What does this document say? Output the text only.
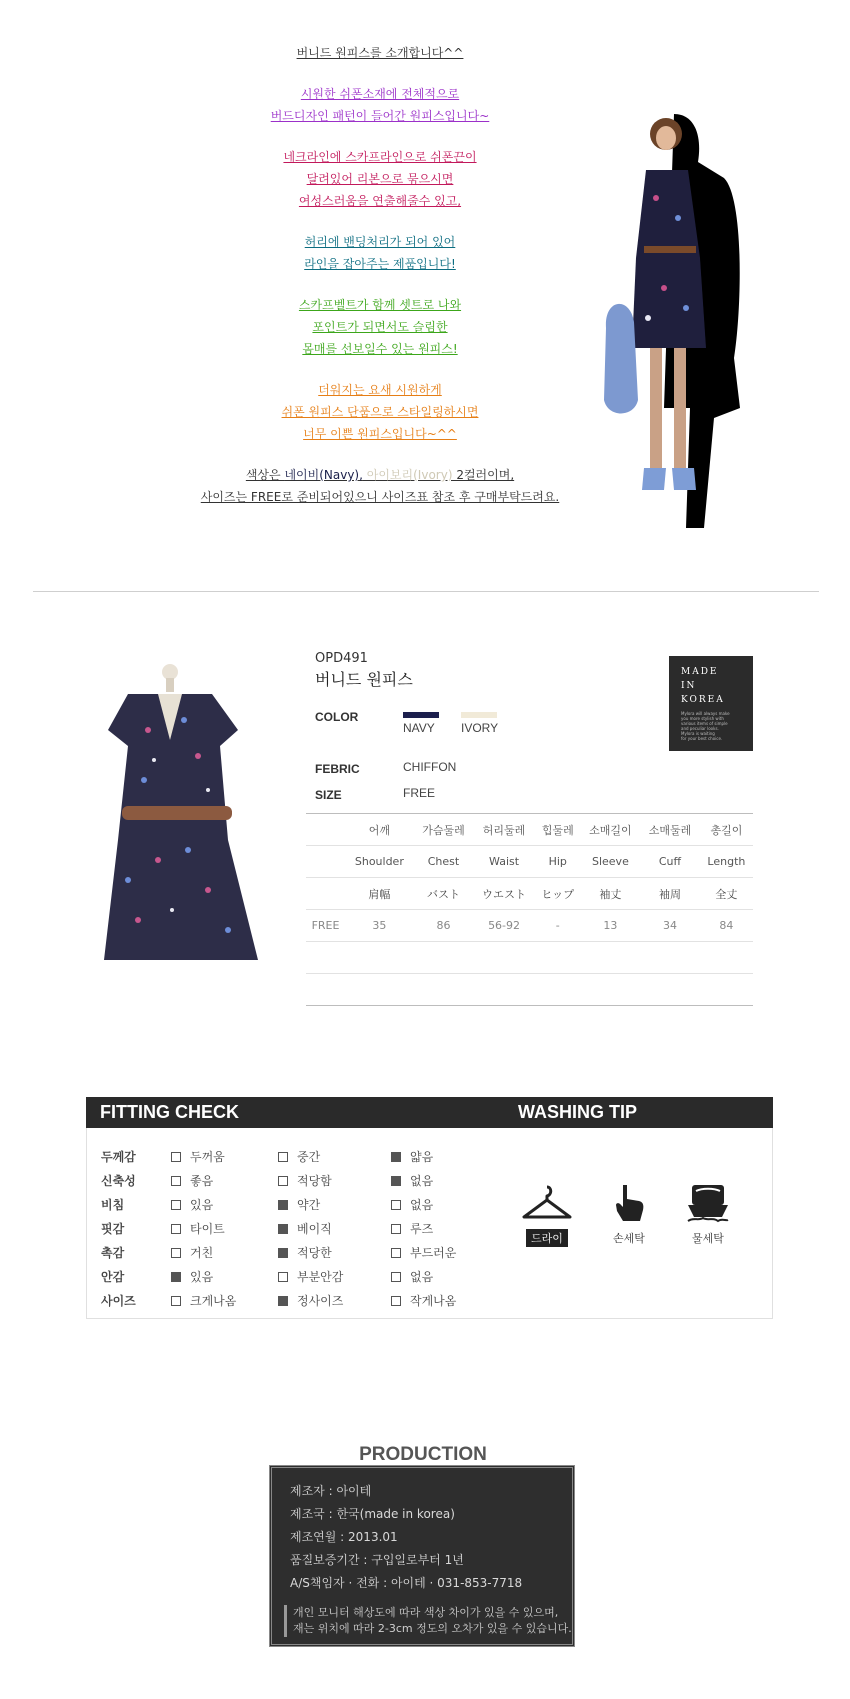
버니드 원피스를 소개합니다^^
시원한 쉬폰소재에 전체적으로
버드디자인 패턴이 들어간 원피스입니다~
네크라인에 스카프라인으로 쉬폰끈이
달려있어 리본으로 묶으시면
여성스러움을 연출해줄수 있고,
허리에 밴딩처리가 되어 있어
라인을 잡아주는 제품입니다!
스카프벨트가 함께 셋트로 나와
포인트가 되면서도 슬림한
몸매를 선보일수 있는 원피스!
더워지는 요새 시원하게
쉬폰 원피스 단품으로 스타일링하시면
너무 이쁜 원피스입니다~^^
색상은 네이비(Navy), 아이보리(Ivory) 2컬러이며,
사이즈는 FREE로 준비되어있으니 사이즈표 참조 후 구매부탁드려요.
OPD491
버니드 원피스
COLOR
NAVY IVORY
FEBRIC	CHIFFON
SIZE	FREE
MADE
IN
KOREA
Mylora will always make
you more stylish with
various items of simple
and peculiar looks.
Mylora is waiting
for your best choice.
	어깨	가슴둘레	허리둘레	힙둘레	소매길이	소매둘레	총길이
	Shoulder	Chest	Waist	Hip	Sleeve	Cuff	Length
	肩幅	バスト	ウエスト	ヒップ	袖丈	袖周	全丈
FREE	35	86	56-92	-	13	34	84

FITTING CHECK	WASHING TIP
두께감	두꺼움	중간	얇음
신축성	좋음	적당함	없음
비침	있음	약간	없음
핏감	타이트	베이직	루즈
촉감	거친	적당한	부드러운
안감	있음	부분안감	없음
사이즈	크게나옴	정사이즈	작게나옴
드라이	손세탁	물세탁
PRODUCTION
제조자 : 아이테
제조국 : 한국(made in korea)
제조연월 : 2013.01
품질보증기간 : 구입일로부터 1년
A/S책임자 · 전화 : 아이테 · 031-853-7718
개인 모니터 해상도에 따라 색상 차이가 있을 수 있으며,
재는 위치에 따라 2-3cm 정도의 오차가 있을 수 있습니다.
